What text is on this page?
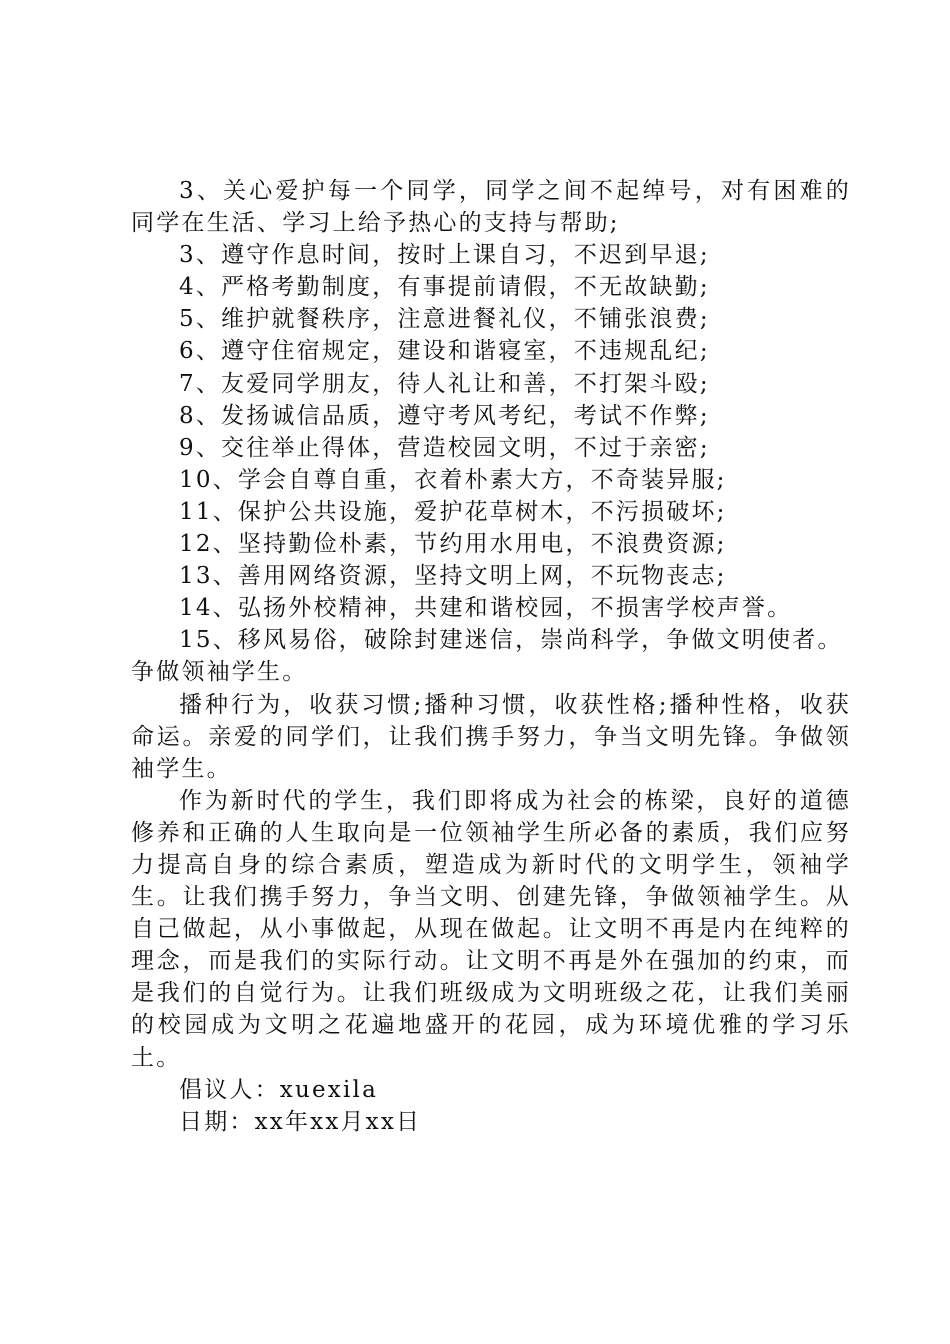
3、关心爱护每一个同学，同学之间不起绰号，对有困难的同学在生活、学习上给予热心的支持与帮助;

3、遵守作息时间，按时上课自习，不迟到早退;

4、严格考勤制度，有事提前请假，不无故缺勤;

5、维护就餐秩序，注意进餐礼仪，不铺张浪费;

6、遵守住宿规定，建设和谐寝室，不违规乱纪;

7、友爱同学朋友，待人礼让和善，不打架斗殴;

8、发扬诚信品质，遵守考风考纪，考试不作弊;

9、交往举止得体，营造校园文明，不过于亲密;

10、学会自尊自重，衣着朴素大方，不奇装异服;

11、保护公共设施，爱护花草树木，不污损破坏;

12、坚持勤俭朴素，节约用水用电，不浪费资源;

13、善用网络资源，坚持文明上网，不玩物丧志;

14、弘扬外校精神，共建和谐校园，不损害学校声誉。

15、移风易俗，破除封建迷信，崇尚科学，争做文明使者。争做领袖学生。

播种行为，收获习惯;播种习惯，收获性格;播种性格，收获命运。亲爱的同学们，让我们携手努力，争当文明先锋。争做领袖学生。

作为新时代的学生，我们即将成为社会的栋梁，良好的道德修养和正确的人生取向是一位领袖学生所必备的素质，我们应努力提高自身的综合素质，塑造成为新时代的文明学生，领袖学生。让我们携手努力，争当文明、创建先锋，争做领袖学生。从自己做起，从小事做起，从现在做起。让文明不再是内在纯粹的理念，而是我们的实际行动。让文明不再是外在强加的约束，而是我们的自觉行为。让我们班级成为文明班级之花，让我们美丽的校园成为文明之花遍地盛开的花园，成为环境优雅的学习乐土。

倡议人：xuexila

日期：xx年xx月xx日
